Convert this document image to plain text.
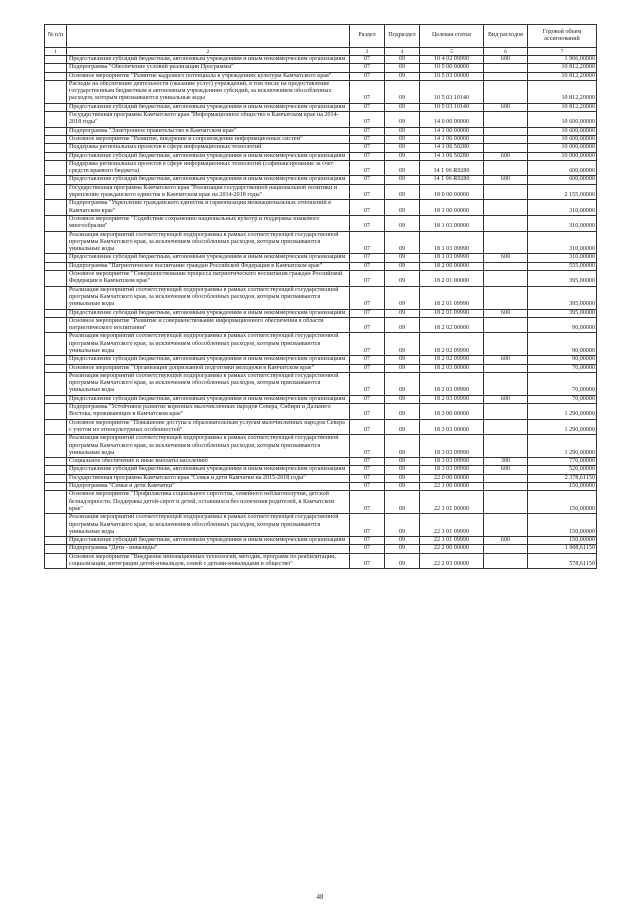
№ п/п		Раздел	Подраздел	Целевая статья	Вид расходов	Годовой объем ассигнований
1	2	3	4	5	6	7
	Предоставление субсидий бюджетным, автономным учреждениям и иным некоммерческим организациям	07	09	10 4 02 09990	600	1 906,00000
	Подпрограмма "Обеспечение условий реализации Программы"	07	09	10 5 00 00000		10 812,20000
	Основное мероприятие "Развитие кадрового потенциала в учреждениях культуры Камчатского края"	07	09	10 5 03 00000		10 812,20000
	Расходы на обеспечение деятельности (оказание услуг) учреждений, в том числе на предоставление государственным бюджетным и автономным учреждениям субсидий, за исключением обособленных расходов, которым присваиваются уникальные коды	07	09	10 5 03 10140		10 812,20000
	Предоставление субсидий бюджетным, автономным учреждениям и иным некоммерческим организациям	07	09	10 5 03 10140	600	10 812,20000
	Государственная программа Камчатского края "Информационное общество в Камчатском крае на 2014-2018 годы"	07	09	14 0 00 00000		10 600,00000
	Подпрограмма "Электронное правительство в Камчатском крае"	07	09	14 1 00 00000		10 600,00000
	Основное мероприятие "Развитие, внедрение и сопровождение информационных систем"	07	09	14 1 06 00000		10 600,00000
	Поддержка региональных проектов в сфере информационных технологий	07	09	14 1 06 50280		10 000,00000
	Предоставление субсидий бюджетным, автономным учреждениям и иным некоммерческим организациям	07	09	14 1 06 50280	600	10 000,00000
	Поддержка региональных проектов в сфере информационных технологий (софинансирование за счет средств краевого бюджета)	07	09	14 1 06 R0280		600,00000
	Предоставление субсидий бюджетным, автономным учреждениям и иным некоммерческим организациям	07	09	14 1 06 R0280	600	600,00000
	Государственная программа Камчатского края "Реализация государственной национальной политики и укрепление гражданского единства в Камчатском крае на 2014-2018 годы"	07	09	18 0 00 00000		2 155,00000
	Подпрограмма "Укрепление гражданского единства и гармонизация межнациональных отношений в Камчатском крае"	07	09	18 1 00 00000		310,00000
	Основное мероприятие "Содействие сохранению национальных культур и поддержка языкового многообразия"	07	09	18 1 03 00000		310,00000
	Реализация мероприятий соответствующей подпрограммы в рамках соответствующей государственной программы Камчатского края, за исключением обособленных расходов, которым присваиваются уникальные коды	07	09	18 1 03 09990		310,00000
	Предоставление субсидий бюджетным, автономным учреждениям и иным некоммерческим организациям	07	09	18 1 03 09990	600	310,00000
	Подпрограмма "Патриотическое воспитание граждан Российской Федерации в Камчатском крае"	07	09	18 2 00 00000		555,00000
	Основное мероприятие "Совершенствование процесса патриотического воспитания граждан Российской Федерации в Камчатском крае"	07	09	18 2 01 00000		395,00000
	Реализация мероприятий соответствующей подпрограммы в рамках соответствующей государственной программы Камчатского края, за исключением обособленных расходов, которым присваиваются уникальные коды	07	09	18 2 01 09990		395,00000
	Предоставление субсидий бюджетным, автономным учреждениям и иным некоммерческим организациям	07	09	18 2 01 09990	600	395,00000
	Основное мероприятие "Развитие и совершенствование информационного обеспечения в области патриотического воспитания"	07	09	18 2 02 00000		90,00000
	Реализация мероприятий соответствующей подпрограммы в рамках соответствующей государственной программы Камчатского края, за исключением обособленных расходов, которым присваиваются уникальные коды	07	09	18 2 02 09990		90,00000
	Предоставление субсидий бюджетным, автономным учреждениям и иным некоммерческим организациям	07	09	18 2 02 09990	600	90,00000
	Основное мероприятие "Организация допризывной подготовки молодежи в Камчатском крае"	07	09	18 2 03 00000		70,00000
	Реализация мероприятий соответствующей подпрограммы в рамках соответствующей государственной программы Камчатского края, за исключением обособленных расходов, которым присваиваются уникальные коды	07	09	18 2 03 09990		70,00000
	Предоставление субсидий бюджетным, автономным учреждениям и иным некоммерческим организациям	07	09	18 2 03 09990	600	70,00000
	Подпрограмма "Устойчивое развитие коренных малочисленных народов Севера, Сибири и Дальнего Востока, проживающих в Камчатском крае"	07	09	18 3 00 00000		1 290,00000
	Основное мероприятие "Повышение доступа к образовательным услугам малочисленных народов Севера с учетом их этнокультурных особенностей"	07	09	18 3 03 00000		1 290,00000
	Реализация мероприятий соответствующей подпрограммы в рамках соответствующей государственной программы Камчатского края, за исключением обособленных расходов, которым присваиваются уникальные коды	07	09	18 3 03 09990		1 290,00000
	Социальное обеспечение и иные выплаты населению	07	09	18 3 03 09990	300	770,00000
	Предоставление субсидий бюджетным, автономным учреждениям и иным некоммерческим организациям	07	09	18 3 03 09990	600	520,00000
	Государственная программа Камчатского края "Семья и дети Камчатки на 2015-2018 годы"	07	09	22 0 00 00000		2 378,61150
	Подпрограмма "Семья и дети Камчатки"	07	09	22 1 00 00000		150,00000
	Основное мероприятие "Профилактика социального сиротства, семейного неблагополучия, детской безнадзорности. Поддержка детей-сирот и детей, оставшихся без попечения родителей, в Камчатском крае"	07	09	22 1 01 00000		150,00000
	Реализация мероприятий соответствующей подпрограммы в рамках соответствующей государственной программы Камчатского края, за исключением обособленных расходов, которым присваиваются уникальные коды	07	09	22 1 01 09990		150,00000
	Предоставление субсидий бюджетным, автономным учреждениям и иным некоммерческим организациям	07	09	22 1 01 09990	600	150,00000
	Подпрограмма "Дети - инвалиды"	07	09	22 2 00 00000		1 008,61150
	Основное мероприятие "Внедрение инновационных технологий, методик, программ по реабилитации, социализации, интеграции детей-инвалидов, семей с детьми-инвалидами в общество"	07	09	22 2 03 00000		578,61150
48
